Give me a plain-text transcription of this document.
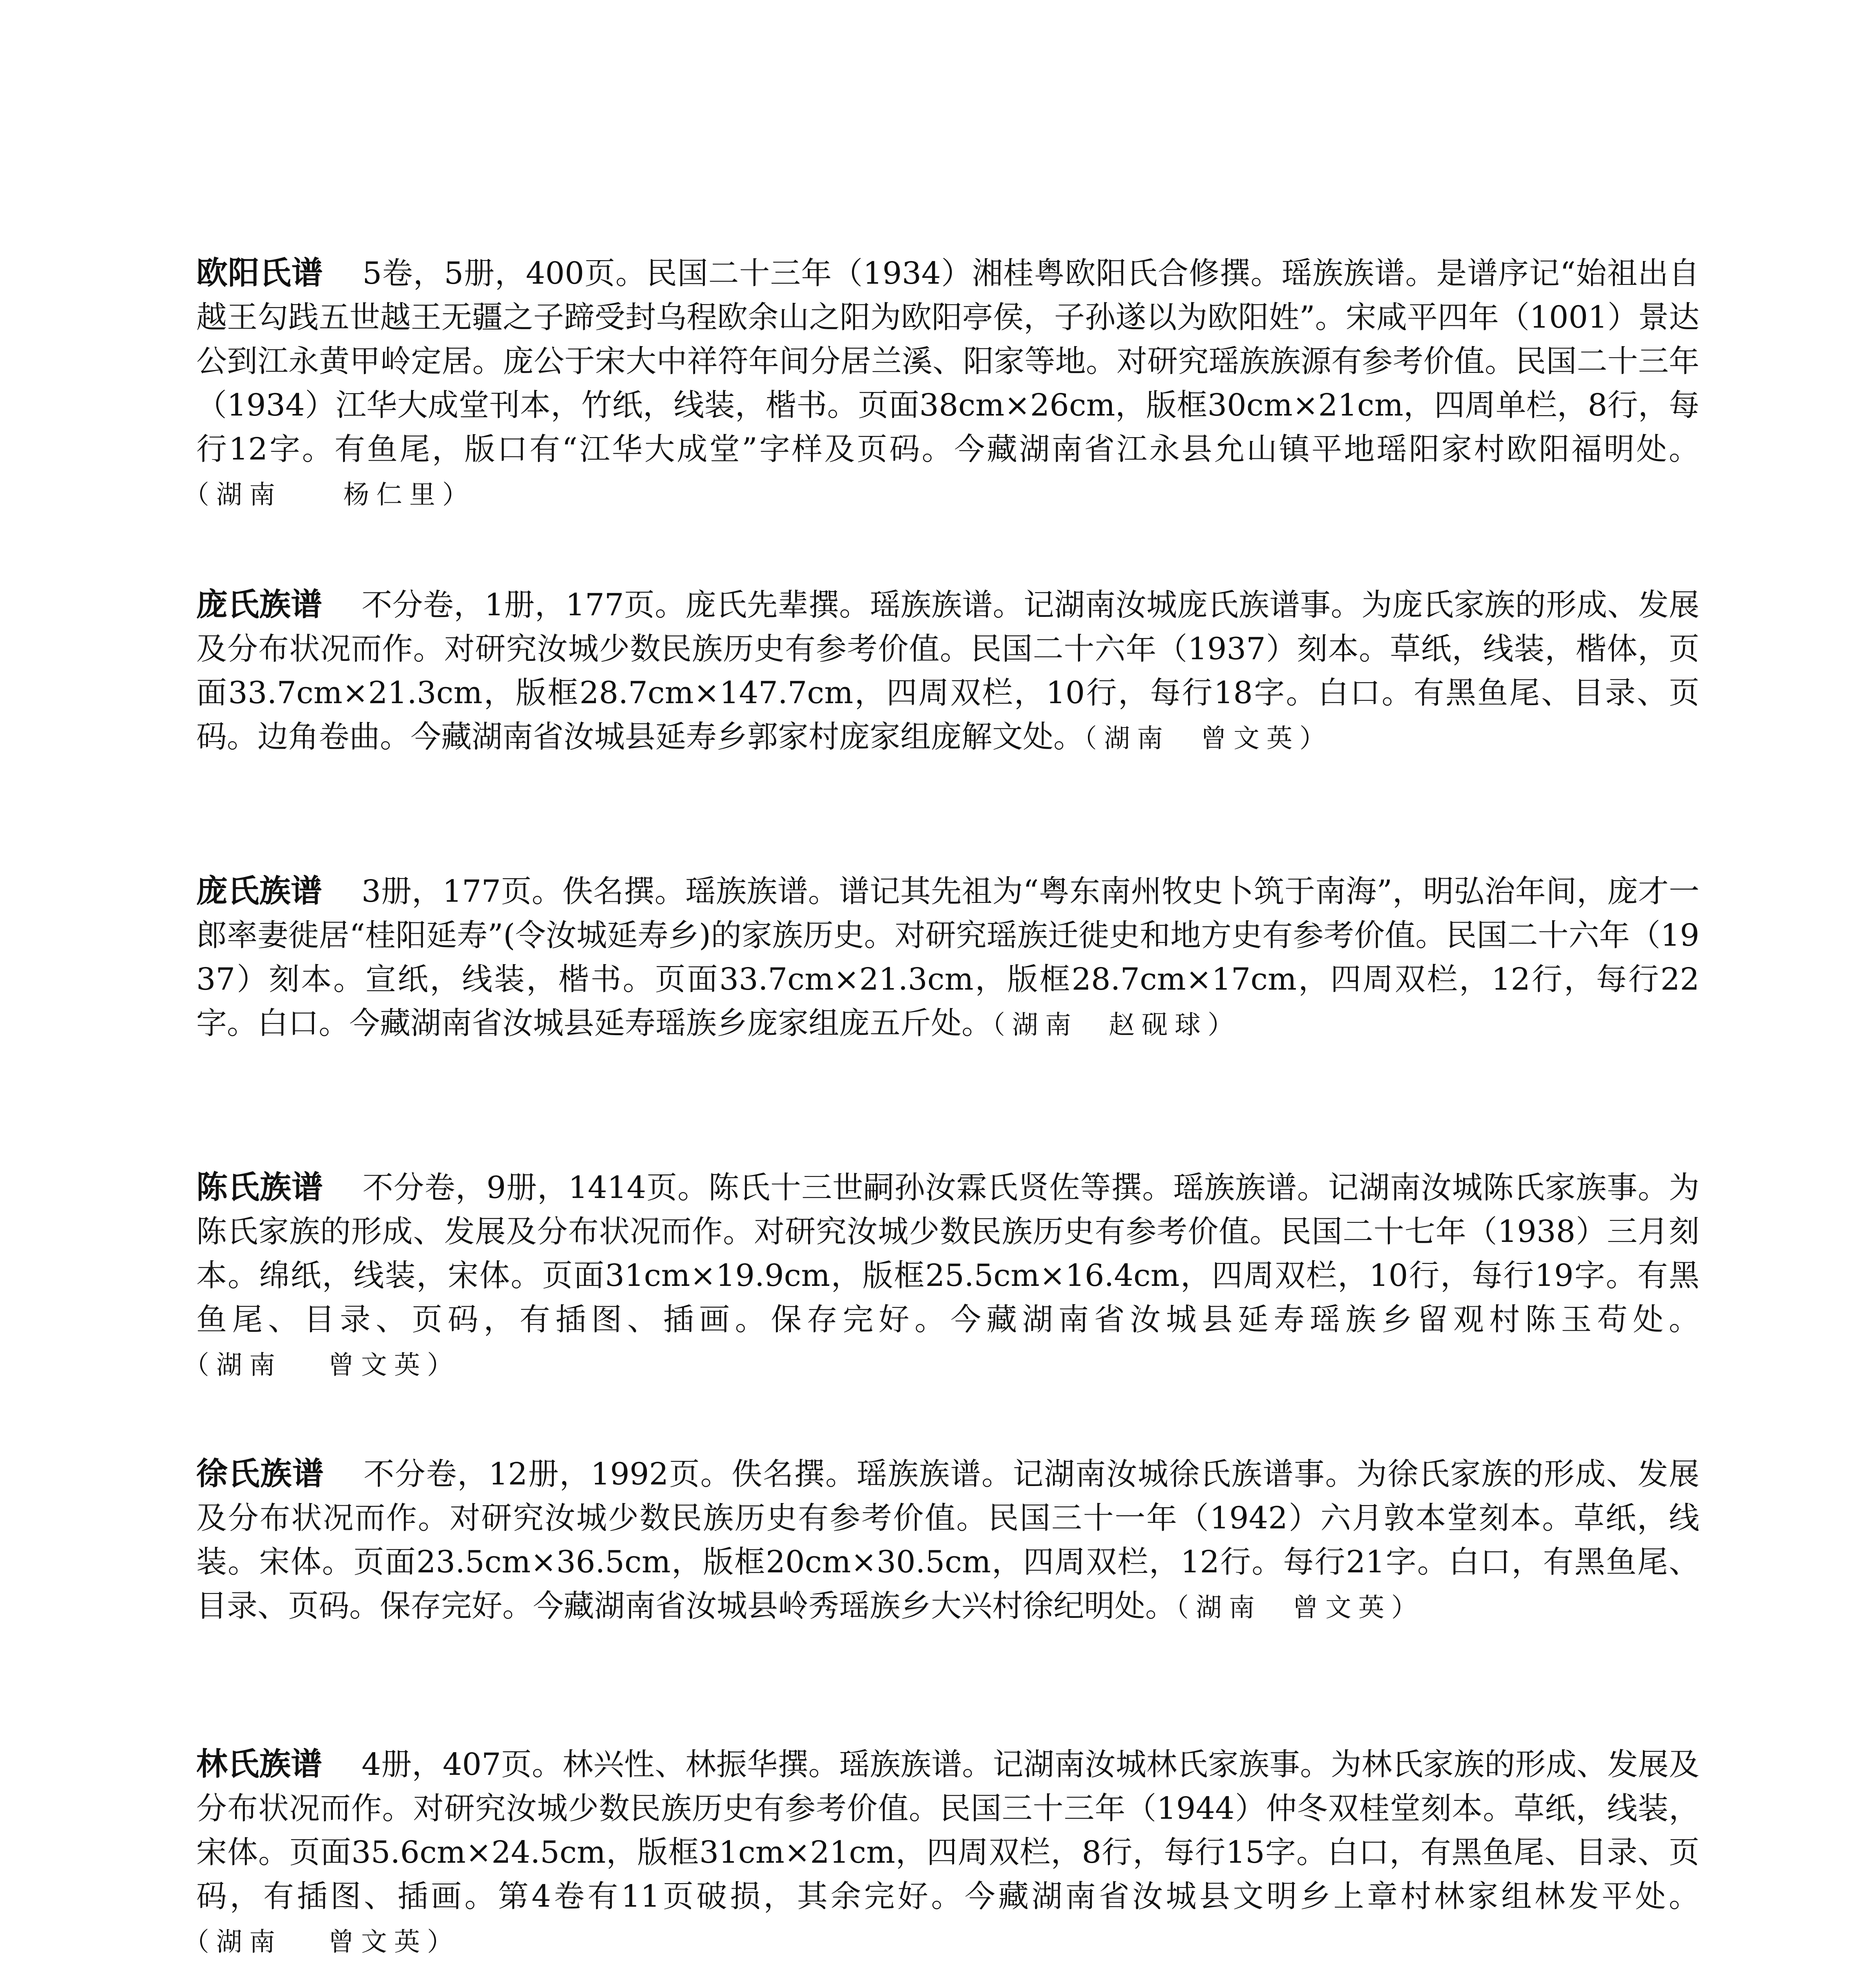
欧阳氏谱 5卷，5册，400页。民国二十三年（1934）湘桂粤欧阳氏合修撰。瑶族族谱。是谱序记“始祖出自越王勾践五世越王无疆之子蹄受封乌程欧余山之阳为欧阳亭侯，子孙遂以为欧阳姓”。宋咸平四年（1001）景达公到江永黄甲岭定居。庞公于宋大中祥符年间分居兰溪、阳家等地。对研究瑶族族源有参考价值。民国二十三年（1934）江华大成堂刊本，竹纸，线装，楷书。页面38cm×26cm，版框30cm×21cm，四周单栏，8行，每行12字。有鱼尾，版口有“江华大成堂”字样及页码。今藏湖南省江永县允山镇平地瑶阳家村欧阳福明处。（湖南    杨仁里）
庞氏族谱 不分卷，1册，177页。庞氏先辈撰。瑶族族谱。记湖南汝城庞氏族谱事。为庞氏家族的形成、发展及分布状况而作。对研究汝城少数民族历史有参考价值。民国二十六年（1937）刻本。草纸，线装，楷体，页面33.7cm×21.3cm，版框28.7cm×147.7cm，四周双栏，10行，每行18字。白口。有黑鱼尾、目录、页码。边角卷曲。今藏湖南省汝城县延寿乡郭家村庞家组庞解文处。（湖南  曾文英）
庞氏族谱 3册，177页。佚名撰。瑶族族谱。谱记其先祖为“粤东南州牧史卜筑于南海”，明弘治年间，庞才一郎率妻徙居“桂阳延寿”(令汝城延寿乡)的家族历史。对研究瑶族迁徙史和地方史有参考价值。民国二十六年（1937）刻本。宣纸，线装，楷书。页面33.7cm×21.3cm，版框28.7cm×17cm，四周双栏，12行，每行22字。白口。今藏湖南省汝城县延寿瑶族乡庞家组庞五斤处。（湖南  赵砚球）
陈氏族谱 不分卷，9册，1414页。陈氏十三世嗣孙汝霖氏贤佐等撰。瑶族族谱。记湖南汝城陈氏家族事。为陈氏家族的形成、发展及分布状况而作。对研究汝城少数民族历史有参考价值。民国二十七年（1938）三月刻本。绵纸，线装，宋体。页面31cm×19.9cm，版框25.5cm×16.4cm，四周双栏，10行，每行19字。有黑鱼尾、目录、页码，有插图、插画。保存完好。今藏湖南省汝城县延寿瑶族乡留观村陈玉苟处。（湖南   曾文英）
徐氏族谱 不分卷，12册，1992页。佚名撰。瑶族族谱。记湖南汝城徐氏族谱事。为徐氏家族的形成、发展及分布状况而作。对研究汝城少数民族历史有参考价值。民国三十一年（1942）六月敦本堂刻本。草纸，线装。宋体。页面23.5cm×36.5cm，版框20cm×30.5cm，四周双栏，12行。每行21字。白口，有黑鱼尾、目录、页码。保存完好。今藏湖南省汝城县岭秀瑶族乡大兴村徐纪明处。（湖南  曾文英）
林氏族谱 4册，407页。林兴性、林振华撰。瑶族族谱。记湖南汝城林氏家族事。为林氏家族的形成、发展及分布状况而作。对研究汝城少数民族历史有参考价值。民国三十三年（1944）仲冬双桂堂刻本。草纸，线装，宋体。页面35.6cm×24.5cm，版框31cm×21cm，四周双栏，8行，每行15字。白口，有黑鱼尾、目录、页码，有插图、插画。第4卷有11页破损，其余完好。今藏湖南省汝城县文明乡上章村林家组林发平处。（湖南   曾文英）
